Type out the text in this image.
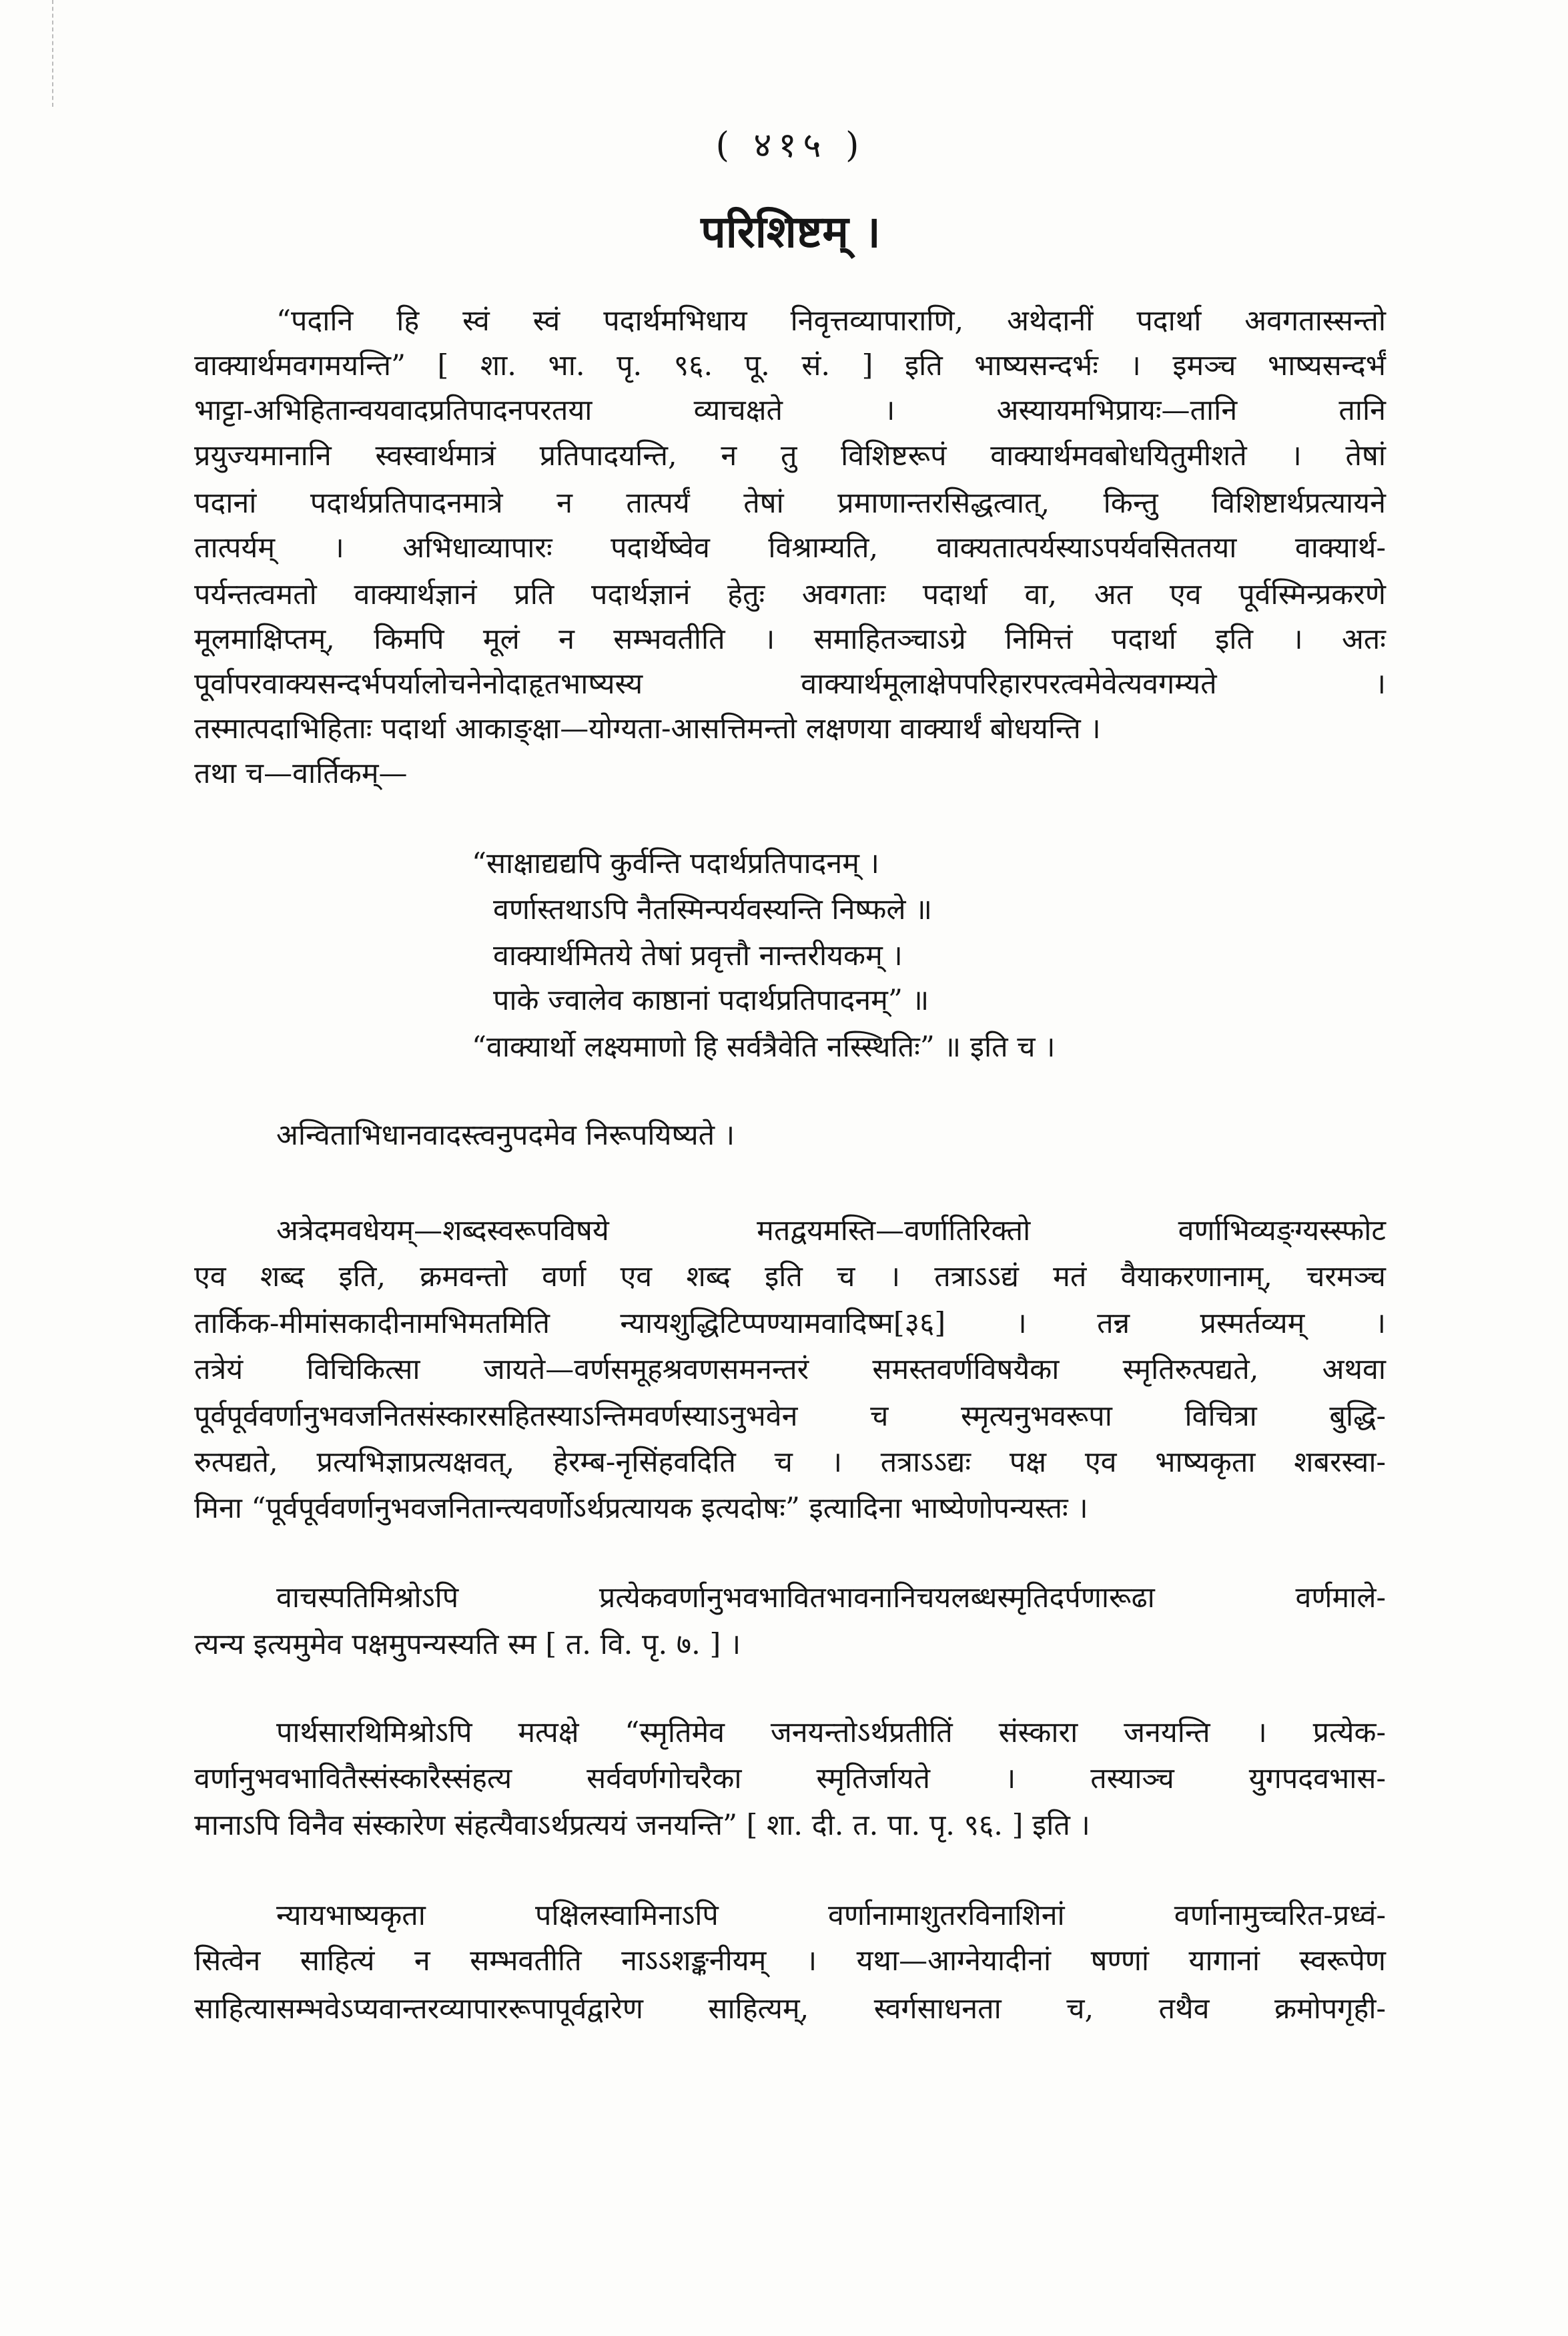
( ४१५ )
परिशिष्टम् ।
“पदानि हि स्वं स्वं पदार्थमभिधाय निवृत्तव्यापाराणि, अथेदानीं पदार्था अवगतास्सन्तो
वाक्यार्थमवगमयन्ति” [ शा. भा. पृ. ९६. पू. सं. ] इति भाष्यसन्दर्भः । इमञ्च भाष्यसन्दर्भं
भाट्टा-अभिहितान्वयवादप्रतिपादनपरतया व्याचक्षते । अस्यायमभिप्रायः—तानि तानि
प्रयुज्यमानानि स्वस्वार्थमात्रं प्रतिपादयन्ति, न तु विशिष्टरूपं वाक्यार्थमवबोधयितुमीशते । तेषां
पदानां पदार्थप्रतिपादनमात्रे न तात्पर्यं तेषां प्रमाणान्तरसिद्धत्वात्, किन्तु विशिष्टार्थप्रत्यायने
तात्पर्यम् । अभिधाव्यापारः पदार्थेष्वेव विश्राम्यति, वाक्यतात्पर्यस्याऽपर्यवसिततया वाक्यार्थ-
पर्यन्तत्वमतो वाक्यार्थज्ञानं प्रति पदार्थज्ञानं हेतुः अवगताः पदार्था वा, अत एव पूर्वस्मिन्प्रकरणे
मूलमाक्षिप्तम्, किमपि मूलं न सम्भवतीति । समाहितञ्चाऽग्रे निमित्तं पदार्था इति । अतः
पूर्वापरवाक्यसन्दर्भपर्यालोचनेनोदाहृतभाष्यस्य वाक्यार्थमूलाक्षेपपरिहारपरत्वमेवेत्यवगम्यते ।
तस्मात्पदाभिहिताः पदार्था आकाङ्क्षा—योग्यता-आसत्तिमन्तो लक्षणया वाक्यार्थं बोधयन्ति ।
तथा च—वार्तिकम्—
“साक्षाद्यद्यपि कुर्वन्ति पदार्थप्रतिपादनम् ।
वर्णास्तथाऽपि नैतस्मिन्पर्यवस्यन्ति निष्फले ॥
वाक्यार्थमितये तेषां प्रवृत्तौ नान्तरीयकम् ।
पाके ज्वालेव काष्ठानां पदार्थप्रतिपादनम्” ॥
“वाक्यार्थो लक्ष्यमाणो हि सर्वत्रैवेति नस्स्थितिः” ॥ इति च ।
अन्विताभिधानवादस्त्वनुपदमेव निरूपयिष्यते ।
अत्रेदमवधेयम्—शब्दस्वरूपविषये मतद्वयमस्ति—वर्णातिरिक्तो वर्णाभिव्यङ्ग्यस्स्फोट
एव शब्द इति, क्रमवन्तो वर्णा एव शब्द इति च । तत्राऽऽद्यं मतं वैयाकरणानाम्, चरमञ्च
तार्किक-मीमांसकादीनामभिमतमिति न्यायशुद्धिटिप्पण्यामवादिष्म[३६] । तन्न प्रस्मर्तव्यम् ।
तत्रेयं विचिकित्सा जायते—वर्णसमूहश्रवणसमनन्तरं समस्तवर्णविषयैका स्मृतिरुत्पद्यते, अथवा
पूर्वपूर्ववर्णानुभवजनितसंस्कारसहितस्याऽन्तिमवर्णस्याऽनुभवेन च स्मृत्यनुभवरूपा विचित्रा बुद्धि-
रुत्पद्यते, प्रत्यभिज्ञाप्रत्यक्षवत्, हेरम्ब-नृसिंहवदिति च । तत्राऽऽद्यः पक्ष एव भाष्यकृता शबरस्वा-
मिना “पूर्वपूर्ववर्णानुभवजनितान्त्यवर्णोऽर्थप्रत्यायक इत्यदोषः” इत्यादिना भाष्येणोपन्यस्तः ।
वाचस्पतिमिश्रोऽपि प्रत्येकवर्णानुभवभावितभावनानिचयलब्धस्मृतिदर्पणारूढा वर्णमाले-
त्यन्य इत्यमुमेव पक्षमुपन्यस्यति स्म [ त. वि. पृ. ७. ] ।
पार्थसारथिमिश्रोऽपि मत्पक्षे “स्मृतिमेव जनयन्तोऽर्थप्रतीतिं संस्कारा जनयन्ति । प्रत्येक-
वर्णानुभवभावितैस्संस्कारैस्संहत्य सर्ववर्णगोचरैका स्मृतिर्जायते । तस्याञ्च युगपदवभास-
मानाऽपि विनैव संस्कारेण संहत्यैवाऽर्थप्रत्ययं जनयन्ति” [ शा. दी. त. पा. पृ. ९६. ] इति ।
न्यायभाष्यकृता पक्षिलस्वामिनाऽपि वर्णानामाशुतरविनाशिनां वर्णानामुच्चरित-प्रध्वं-
सित्वेन साहित्यं न सम्भवतीति नाऽऽशङ्कनीयम् । यथा—आग्नेयादीनां षण्णां यागानां स्वरूपेण
साहित्यासम्भवेऽप्यवान्तरव्यापाररूपापूर्वद्वारेण साहित्यम्, स्वर्गसाधनता च, तथैव क्रमोपगृही-
